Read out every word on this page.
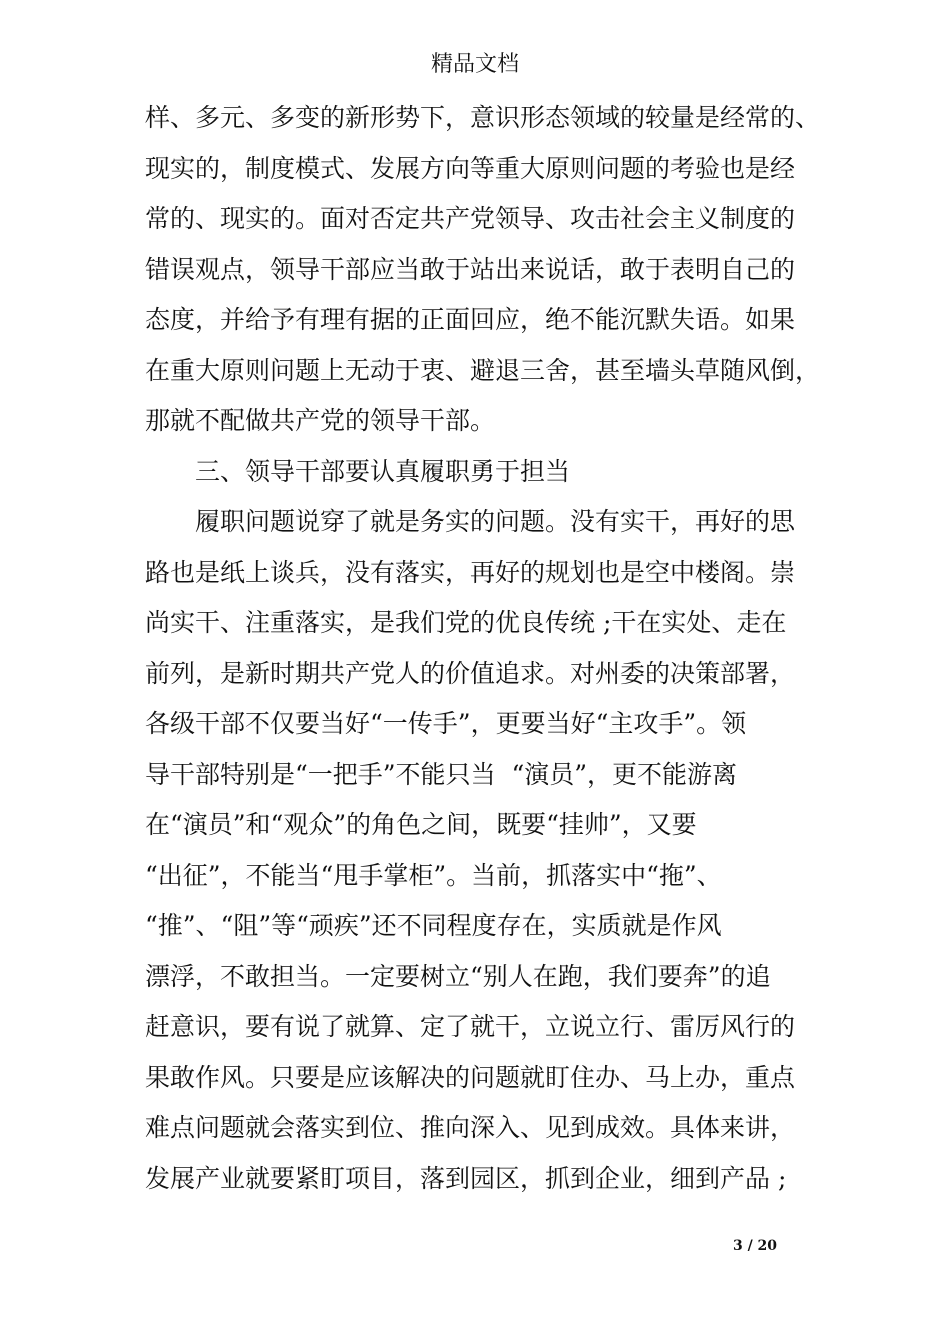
精品文档
样、多元、多变的新形势下，意识形态领域的较量是经常的、
现实的，制度模式、发展方向等重大原则问题的考验也是经
常的、现实的。面对否定共产党领导、攻击社会主义制度的
错误观点，领导干部应当敢于站出来说话，敢于表明自己的
态度，并给予有理有据的正面回应，绝不能沉默失语。如果
在重大原则问题上无动于衷、避退三舍，甚至墙头草随风倒，
那就不配做共产党的领导干部。
三、领导干部要认真履职勇于担当
履职问题说穿了就是务实的问题。没有实干，再好的思
路也是纸上谈兵，没有落实，再好的规划也是空中楼阁。崇
尚实干、注重落实，是我们党的优良传统 ;干在实处、走在
前列，是新时期共产党人的价值追求。对州委的决策部署，
各级干部不仅要当好“一传手”，更要当好“主攻手”。领
导干部特别是“一把手”不能只当  “演员”，更不能游离
在“演员”和“观众”的角色之间，既要“挂帅”，又要
“出征”，不能当“甩手掌柜”。当前，抓落实中“拖”、
“推”、“阻”等“顽疾”还不同程度存在，实质就是作风
漂浮，不敢担当。一定要树立“别人在跑，我们要奔”的追
赶意识，要有说了就算、定了就干，立说立行、雷厉风行的
果敢作风。只要是应该解决的问题就盯住办、马上办，重点
难点问题就会落实到位、推向深入、见到成效。具体来讲，
发展产业就要紧盯项目，落到园区，抓到企业，细到产品 ;
3 / 20
